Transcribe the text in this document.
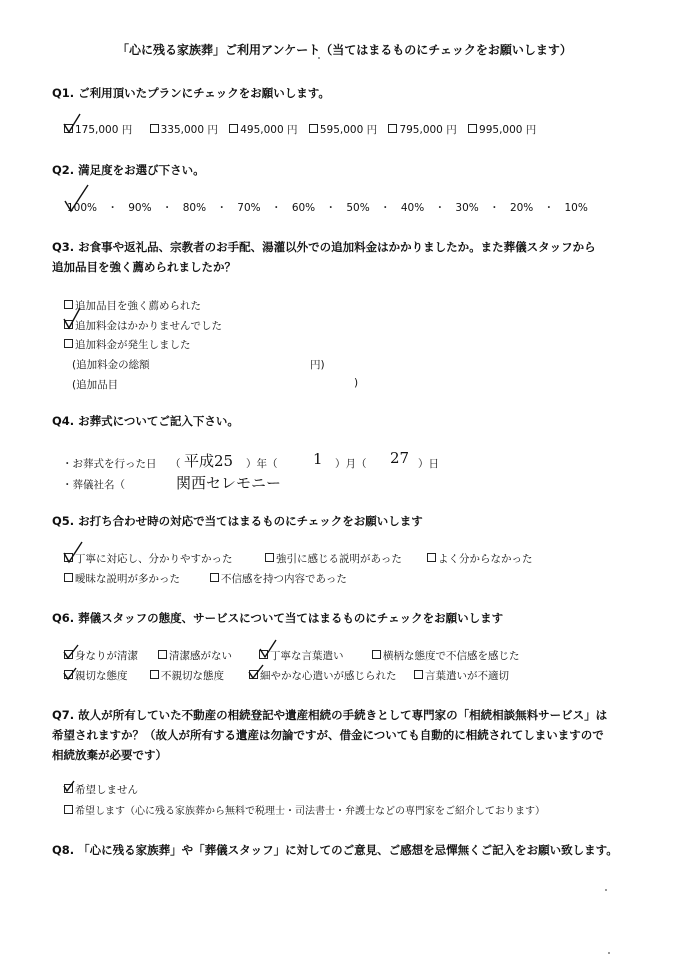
「心に残る家族葬」ご利用アンケート（当てはまるものにチェックをお願いします）
Q1. ご利用頂いたプランにチェックをお願いします。
175,000 円	335,000 円 495,000 円 595,000 円 795,000 円 995,000 円
Q2. 満足度をお選び下さい。
100% ・ 90% ・ 80% ・ 70% ・ 60% ・ 50% ・ 40% ・ 30% ・ 20% ・ 10%
Q3. お食事や返礼品、宗教者のお手配、湯灌以外での追加料金はかかりましたか。また葬儀スタッフから
追加品目を強く薦められましたか？
追加品目を強く薦められた
追加料金はかかりませんでした
追加料金が発生しました
(追加料金の総額	円)
(追加品目	)
Q4. お葬式についてご記入下さい。
・お葬式を行った日 （ 平成25 ）年（ 1 ）月（ 27 ）日
・葬儀社名（	関西セレモニー
Q5. お打ち合わせ時の対応で当てはまるものにチェックをお願いします
丁寧に対応し、分かりやすかった	強引に感じる説明があった	よく分からなかった
曖昧な説明が多かった	不信感を持つ内容であった
Q6. 葬儀スタッフの態度、サービスについて当てはまるものにチェックをお願いします
身なりが清潔	清潔感がない	丁寧な言葉遣い	横柄な態度で不信感を感じた
親切な態度	不親切な態度	細やかな心遣いが感じられた	言葉遣いが不適切
Q7. 故人が所有していた不動産の相続登記や遺産相続の手続きとして専門家の「相続相談無料サービス」は
希望されますか？（故人が所有する遺産は勿論ですが、借金についても自動的に相続されてしまいますので
相続放棄が必要です）
希望しません
希望します（心に残る家族葬から無料で税理士・司法書士・弁護士などの専門家をご紹介しております）
Q8. 「心に残る家族葬」や「葬儀スタッフ」に対してのご意見、ご感想を忌憚無くご記入をお願い致します。
